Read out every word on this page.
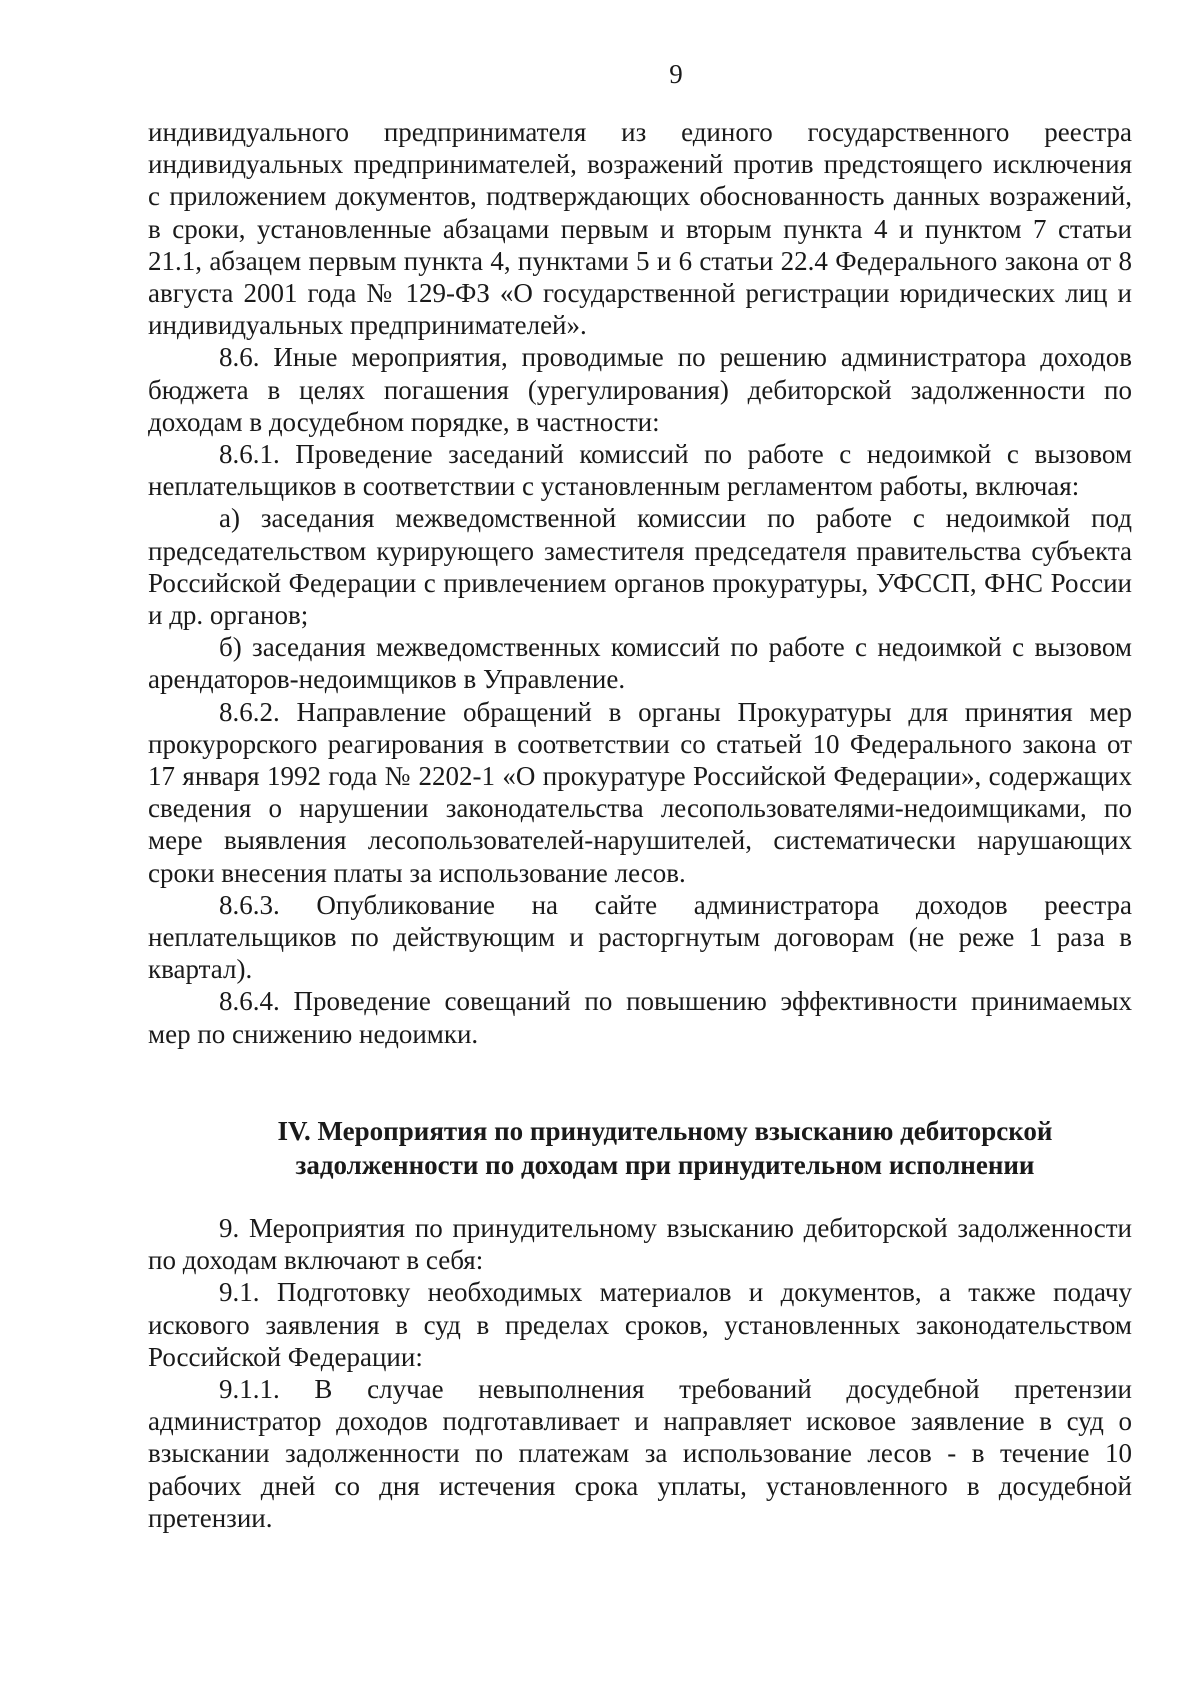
9

индивидуального предпринимателя из единого государственного реестра индивидуальных предпринимателей, возражений против предстоящего исключения с приложением документов, подтверждающих обоснованность данных возражений, в сроки, установленные абзацами первым и вторым пункта 4 и пунктом 7 статьи 21.1, абзацем первым пункта 4, пунктами 5 и 6 статьи 22.4 Федерального закона от 8 августа 2001 года № 129-ФЗ «О государственной регистрации юридических лиц и индивидуальных предпринимателей».

8.6. Иные мероприятия, проводимые по решению администратора доходов бюджета в целях погашения (урегулирования) дебиторской задолженности по доходам в досудебном порядке, в частности:

8.6.1. Проведение заседаний комиссий по работе с недоимкой с вызовом неплательщиков в соответствии с установленным регламентом работы, включая:

а) заседания межведомственной комиссии по работе с недоимкой под председательством курирующего заместителя председателя правительства субъекта Российской Федерации с привлечением органов прокуратуры, УФССП, ФНС России и др. органов;

б) заседания межведомственных комиссий по работе с недоимкой с вызовом арендаторов-недоимщиков в Управление.

8.6.2. Направление обращений в органы Прокуратуры для принятия мер прокурорского реагирования в соответствии со статьей 10 Федерального закона от 17 января 1992 года № 2202-1 «О прокуратуре Российской Федерации», содержащих сведения о нарушении законодательства лесопользователями-недоимщиками, по мере выявления лесопользователей-нарушителей, систематически нарушающих сроки внесения платы за использование лесов.

8.6.3. Опубликование на сайте администратора доходов реестра неплательщиков по действующим и расторгнутым договорам (не реже 1 раза в квартал).

8.6.4. Проведение совещаний по повышению эффективности принимаемых мер по снижению недоимки.

IV. Мероприятия по принудительному взысканию дебиторской
задолженности по доходам при принудительном исполнении

9. Мероприятия по принудительному взысканию дебиторской задолженности по доходам включают в себя:

9.1. Подготовку необходимых материалов и документов, а также подачу искового заявления в суд в пределах сроков, установленных законодательством Российской Федерации:

9.1.1. В случае невыполнения требований досудебной претензии администратор доходов подготавливает и направляет исковое заявление в суд о взыскании задолженности по платежам за использование лесов - в течение 10 рабочих дней со дня истечения срока уплаты, установленного в досудебной претензии.
